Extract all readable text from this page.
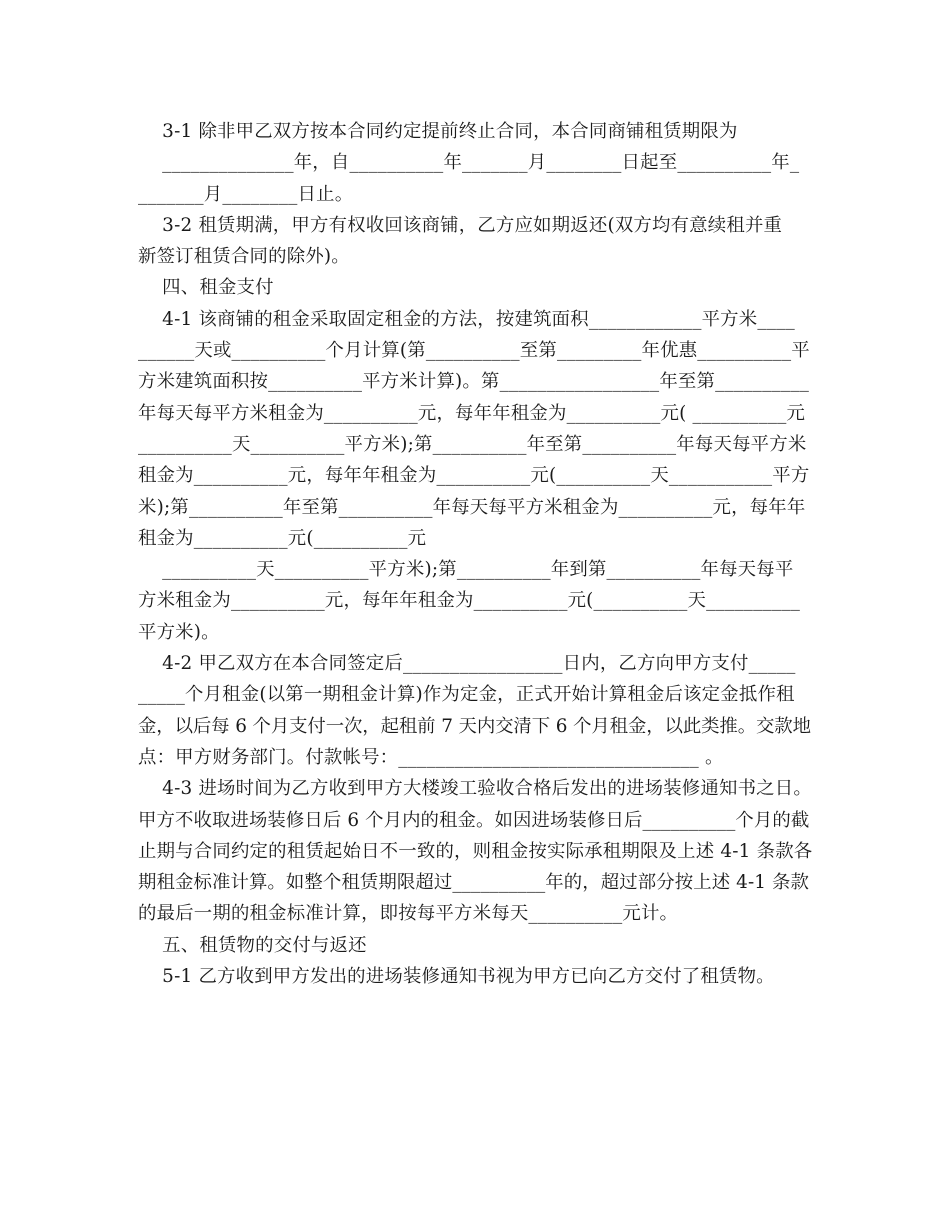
3-1 除非甲乙双方按本合同约定提前终止合同，本合同商铺租赁期限为
______________年，自__________年_______月________日起至__________年_
_______月________日止。
3-2 租赁期满，甲方有权收回该商铺，乙方应如期返还(双方均有意续租并重
新签订租赁合同的除外)。
四、租金支付
4-1 该商铺的租金采取固定租金的方法，按建筑面积____________平方米____
______天或__________个月计算(第__________至第_________年优惠__________平
方米建筑面积按__________平方米计算)。第_________________年至第__________
年每天每平方米租金为__________元，每年年租金为__________元( __________元
__________天__________平方米);第__________年至第__________年每天每平方米
租金为__________元，每年年租金为__________元(__________天___________平方
米);第__________年至第__________年每天每平方米租金为__________元，每年年
租金为__________元(__________元
__________天__________平方米);第__________年到第__________年每天每平
方米租金为__________元，每年年租金为__________元(__________天__________
平方米)。
4-2 甲乙双方在本合同签定后_________________日内，乙方向甲方支付_____
_____个月租金(以第一期租金计算)作为定金，正式开始计算租金后该定金抵作租
金，以后每 6 个月支付一次，起租前 7 天内交清下 6 个月租金，以此类推。交款地
点：甲方财务部门。付款帐号：________________________________ 。
4-3 进场时间为乙方收到甲方大楼竣工验收合格后发出的进场装修通知书之日。
甲方不收取进场装修日后 6 个月内的租金。如因进场装修日后__________个月的截
止期与合同约定的租赁起始日不一致的，则租金按实际承租期限及上述 4-1 条款各
期租金标准计算。如整个租赁期限超过__________年的，超过部分按上述 4-1 条款
的最后一期的租金标准计算，即按每平方米每天__________元计。
五、租赁物的交付与返还
5-1 乙方收到甲方发出的进场装修通知书视为甲方已向乙方交付了租赁物。
